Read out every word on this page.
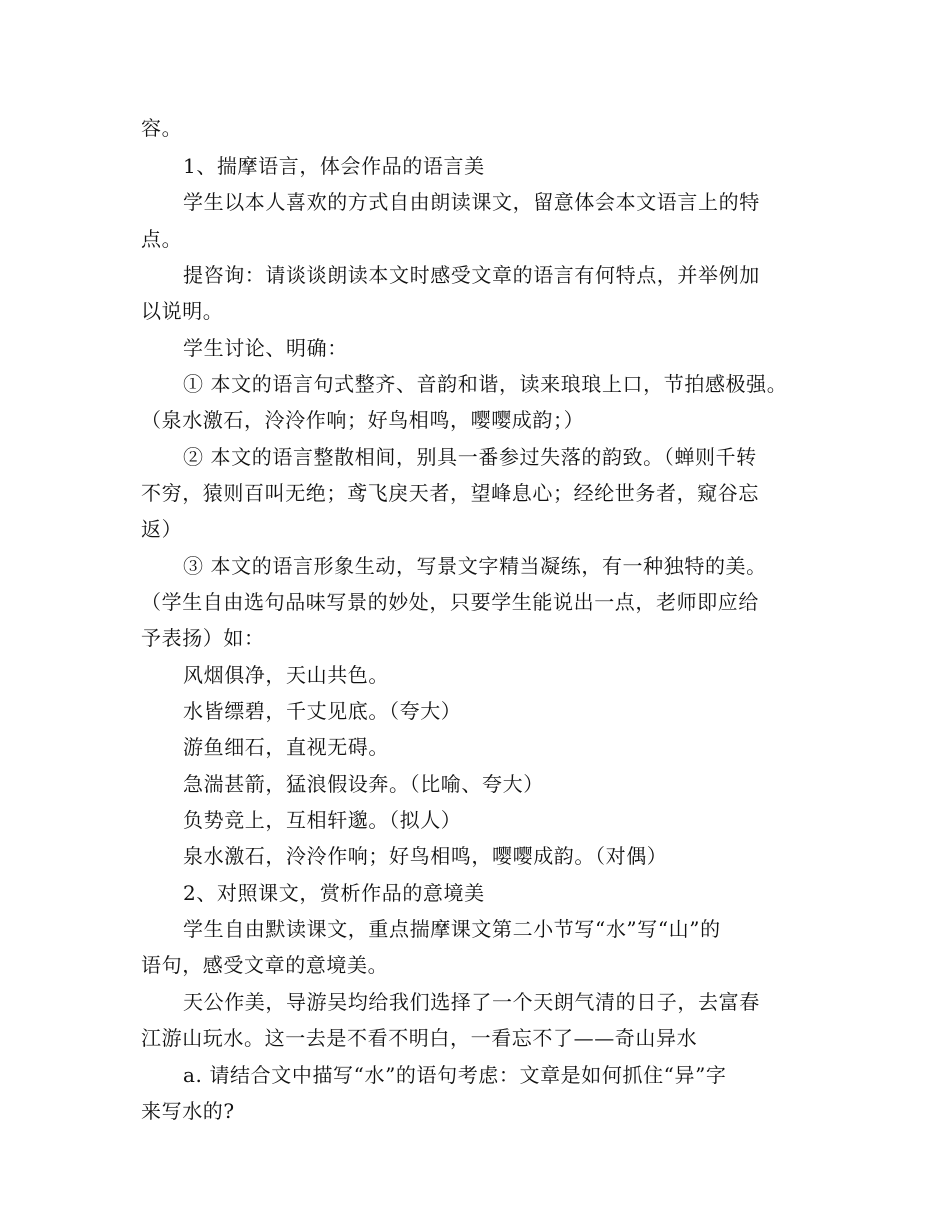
容。
1、揣摩语言，体会作品的语言美
学生以本人喜欢的方式自由朗读课文，留意体会本文语言上的特
点。
提咨询：请谈谈朗读本文时感受文章的语言有何特点，并举例加
以说明。
学生讨论、明确：
① 本文的语言句式整齐、音韵和谐，读来琅琅上口，节拍感极强。
（泉水激石，泠泠作响；好鸟相鸣，嘤嘤成韵；）
② 本文的语言整散相间，别具一番参过失落的韵致。（蝉则千转
不穷，猿则百叫无绝；鸢飞戾天者，望峰息心；经纶世务者，窥谷忘
返）
③ 本文的语言形象生动，写景文字精当凝练，有一种独特的美。
（学生自由选句品味写景的妙处，只要学生能说出一点，老师即应给
予表扬）如：
风烟俱净，天山共色。
水皆缥碧，千丈见底。（夸大）
游鱼细石，直视无碍。
急湍甚箭，猛浪假设奔。（比喻、夸大）
负势竞上，互相轩邈。（拟人）
泉水激石，泠泠作响；好鸟相鸣，嘤嘤成韵。（对偶）
2、对照课文，赏析作品的意境美
学生自由默读课文，重点揣摩课文第二小节写“水”写“山”的
语句，感受文章的意境美。
天公作美，导游吴均给我们选择了一个天朗气清的日子，去富春
江游山玩水。这一去是不看不明白，一看忘不了——奇山异水
a. 请结合文中描写“水”的语句考虑：文章是如何抓住“异”字
来写水的?
